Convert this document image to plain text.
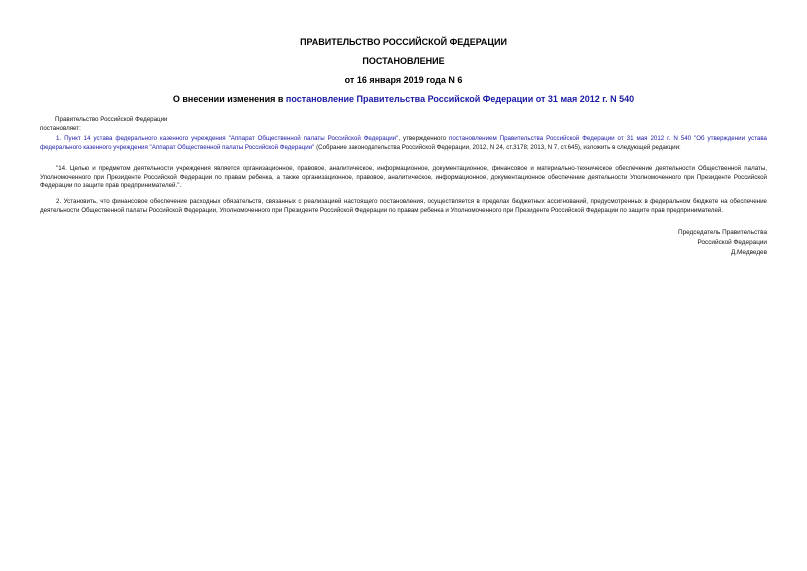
ПРАВИТЕЛЬСТВО РОССИЙСКОЙ ФЕДЕРАЦИИ
ПОСТАНОВЛЕНИЕ
от 16 января 2019 года N 6
О внесении изменения в постановление Правительства Российской Федерации от 31 мая 2012 г. N 540
Правительство Российской Федерации
постановляет:
1. Пункт 14 устава федерального казенного учреждения "Аппарат Общественной палаты Российской Федерации", утвержденного постановлением Правительства Российской Федерации от 31 мая 2012 г. N 540 "Об утверждении устава федерального казенного учреждения "Аппарат Общественной палаты Российской Федерации" (Собрание законодательства Российской Федерации, 2012, N 24, ст.3178; 2013, N 7, ст.645), изложить в следующей редакции:
"14. Целью и предметом деятельности учреждения является организационное, правовое, аналитическое, информационное, документационное, финансовое и материально-техническое обеспечение деятельности Общественной палаты, Уполномоченного при Президенте Российской Федерации по правам ребенка, а также организационное, правовое, аналитическое, информационное, документационное обеспечение деятельности Уполномоченного при Президенте Российской Федерации по защите прав предпринимателей.".
2. Установить, что финансовое обеспечение расходных обязательств, связанных с реализацией настоящего постановления, осуществляется в пределах бюджетных ассигнований, предусмотренных в федеральном бюджете на обеспечение деятельности Общественной палаты Российской Федерации, Уполномоченного при Президенте Российской Федерации по правам ребенка и Уполномоченного при Президенте Российской Федерации по защите прав предпринимателей.
Председатель Правительства
Российской Федерации
Д.Медведев
